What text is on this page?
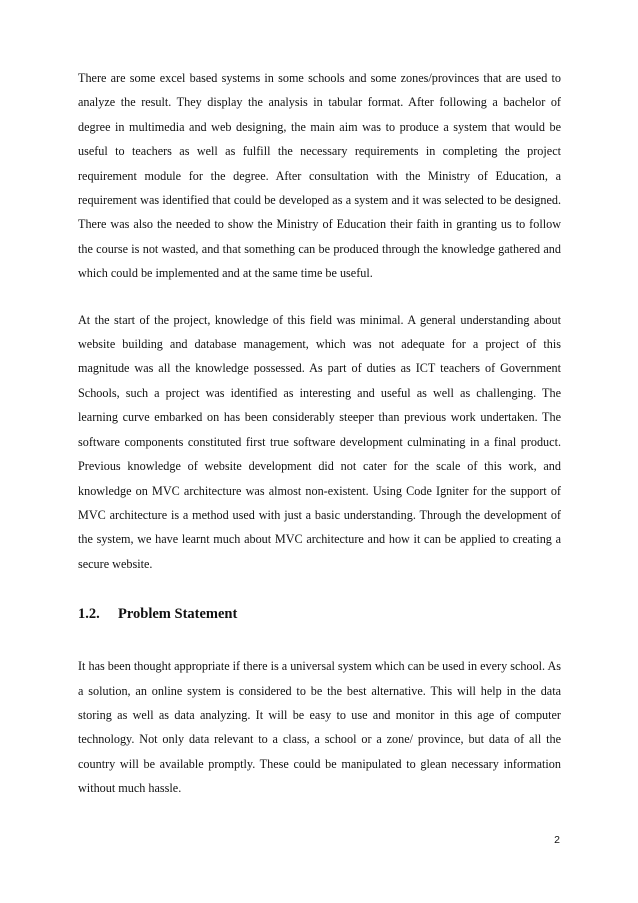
There are some excel based systems in some schools and some zones/provinces that are used to analyze the result. They display the analysis in tabular format. After following a bachelor of degree in multimedia and web designing, the main aim was to produce a system that would be useful to teachers as well as fulfill the necessary requirements in completing the project requirement module for the degree. After consultation with the Ministry of Education, a requirement was identified that could be developed as a system and it was selected to be designed. There was also the needed to show the Ministry of Education their faith in granting us to follow the course is not wasted, and that something can be produced through the knowledge gathered and which could be implemented and at the same time be useful.

At the start of the project, knowledge of this field was minimal. A general understanding about website building and database management, which was not adequate for a project of this magnitude was all the knowledge possessed. As part of duties as ICT teachers of Government Schools, such a project was identified as interesting and useful as well as challenging. The learning curve embarked on has been considerably steeper than previous work undertaken. The software components constituted first true software development culminating in a final product. Previous knowledge of website development did not cater for the scale of this work, and knowledge on MVC architecture was almost non-existent. Using Code Igniter for the support of MVC architecture is a method used with just a basic understanding. Through the development of the system, we have learnt much about MVC architecture and how it can be applied to creating a secure website.

1.2.	Problem Statement

It has been thought appropriate if there is a universal system which can be used in every school. As a solution, an online system is considered to be the best alternative. This will help in the data storing as well as data analyzing. It will be easy to use and monitor in this age of computer technology. Not only data relevant to a class, a school or a zone/ province, but data of all the country will be available promptly. These could be manipulated to glean necessary information without much hassle.

2
